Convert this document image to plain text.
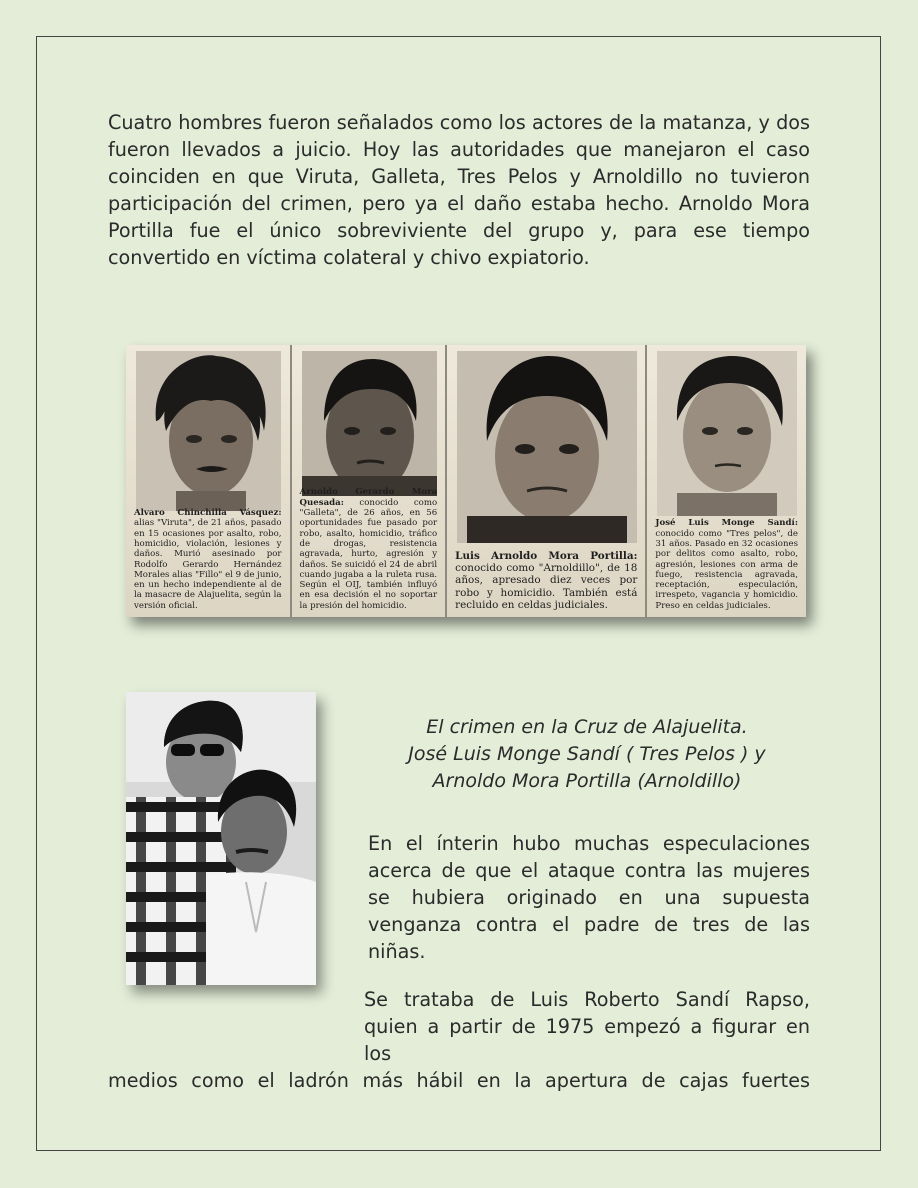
Cuatro hombres fueron señalados como los actores de la matanza, y dos fueron llevados a juicio. Hoy las autoridades que manejaron el caso coinciden en que Viruta, Galleta, Tres Pelos y Arnoldillo no tuvieron participación del crimen, pero ya el daño estaba hecho. Arnoldo Mora Portilla fue el único sobreviviente del grupo y, para ese tiempo convertido en víctima colateral y chivo expiatorio.

Alvaro Chinchilla Vásquez: alias "Viruta", de 21 años, pasado en 15 ocasiones por asalto, robo, homicidio, violación, lesiones y daños. Murió asesinado por Rodolfo Gerardo Hernández Morales alias "Fillo" el 9 de junio, en un hecho independiente al de la masacre de Alajuelita, según la versión oficial.
Arnoldo Gerardo Mora Quesada: conocido como "Galleta", de 26 años, en 56 oportunidades fue pasado por robo, asalto, homicidio, tráfico de drogas, resistencia agravada, hurto, agresión y daños. Se suicidó el 24 de abril cuando jugaba a la ruleta rusa. Según el OIJ, también influyó en esa decisión el no soportar la presión del homicidio.
Luis Arnoldo Mora Portilla: conocido como "Arnoldillo", de 18 años, apresado diez veces por robo y homicidio. También está recluido en celdas judiciales.
José Luis Monge Sandí: conocido como "Tres pelos", de 31 años. Pasado en 32 ocasiones por delitos como asalto, robo, agresión, lesiones con arma de fuego, resistencia agravada, receptación, especulación, irrespeto, vagancia y homicidio. Preso en celdas judiciales.
El crimen en la Cruz de Alajuelita.
José Luis Monge Sandí ( Tres Pelos ) y
Arnoldo Mora Portilla (Arnoldillo)

En el ínterin hubo muchas especulaciones acerca de que el ataque contra las mujeres se hubiera originado en una supuesta venganza contra el padre de tres de las niñas.

Se trataba de Luis Roberto Sandí Rapso,
quien a partir de 1975 empezó a figurar en los
medios como el ladrón más hábil en la apertura de cajas fuertes
